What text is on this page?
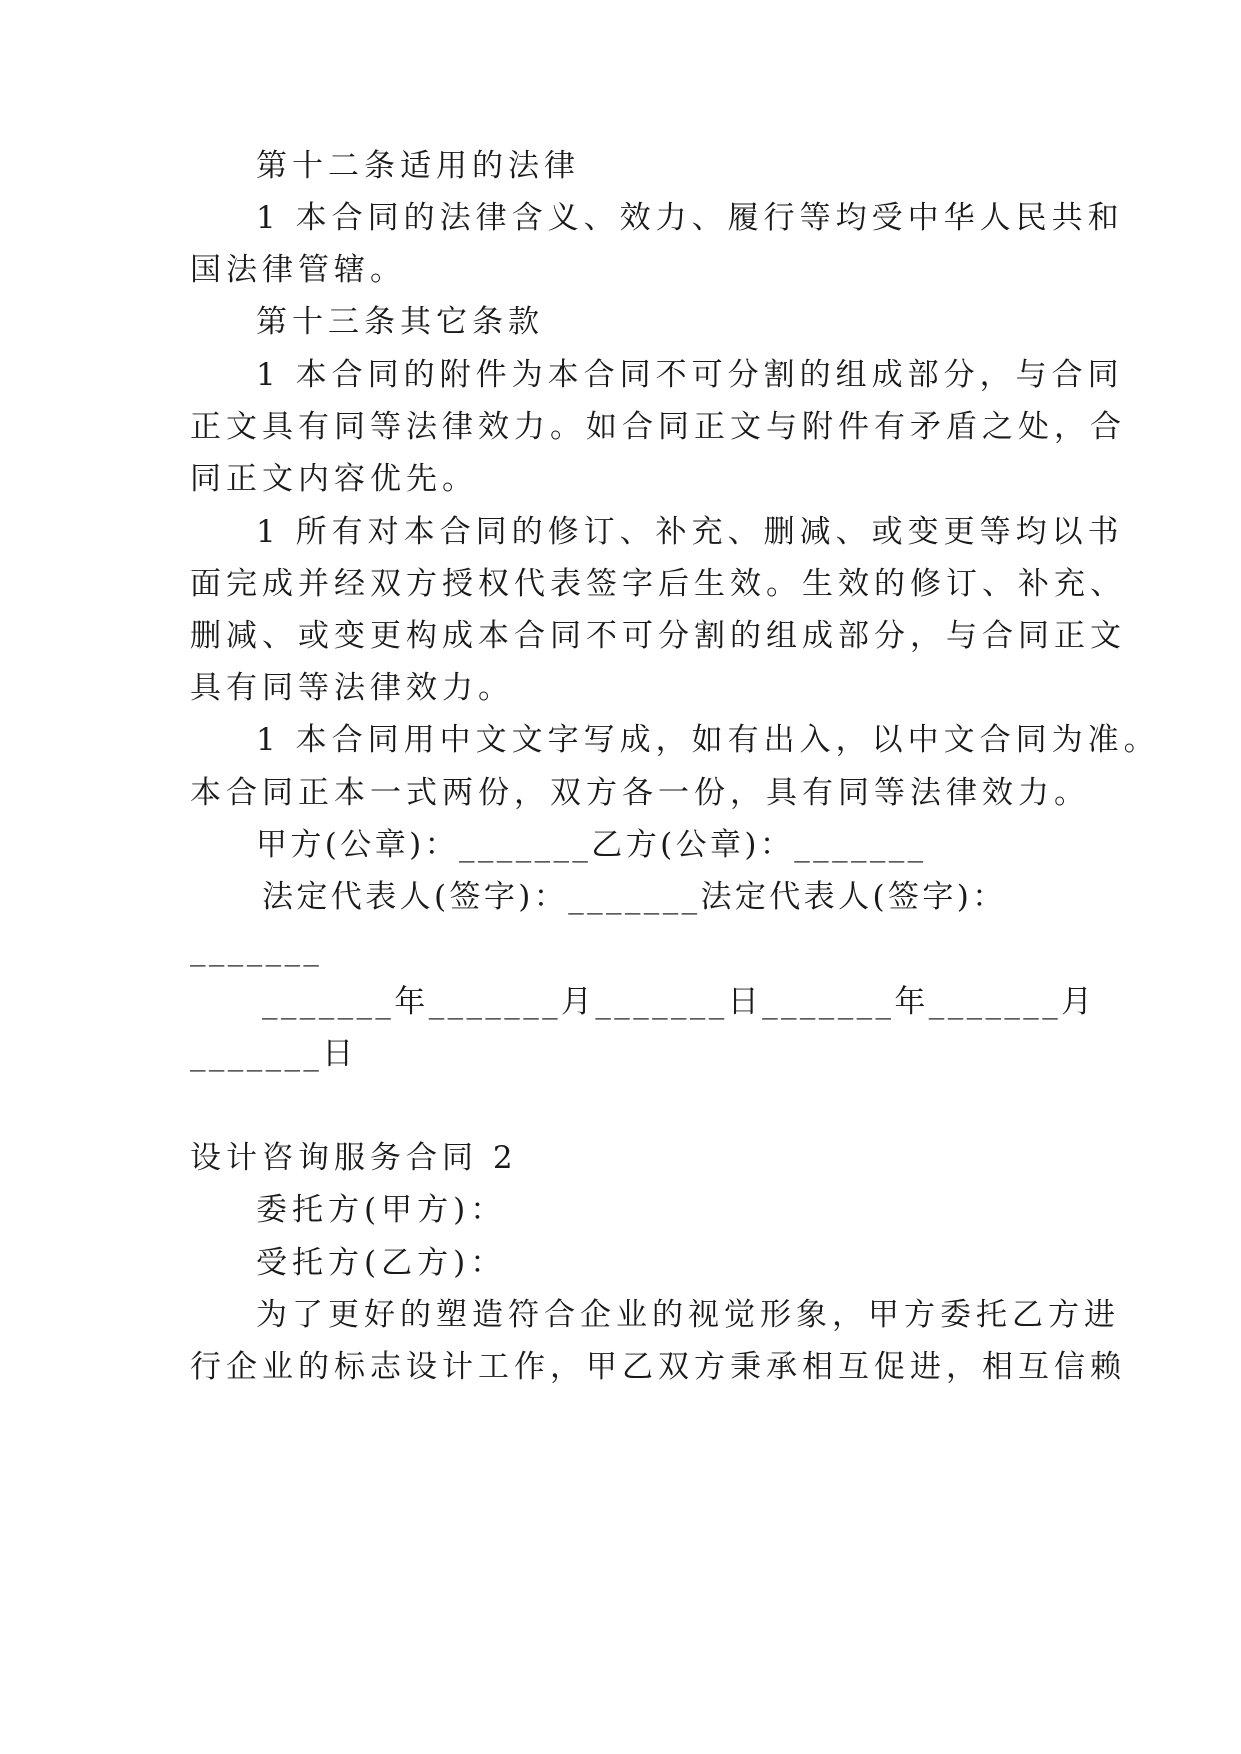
第十二条适用的法律
1 本合同的法律含义、效力、履行等均受中华人民共和
国法律管辖。
第十三条其它条款
1 本合同的附件为本合同不可分割的组成部分，与合同
正文具有同等法律效力。如合同正文与附件有矛盾之处，合
同正文内容优先。
1 所有对本合同的修订、补充、删减、或变更等均以书
面完成并经双方授权代表签字后生效。生效的修订、补充、
删减、或变更构成本合同不可分割的组成部分，与合同正文
具有同等法律效力。
1 本合同用中文文字写成，如有出入，以中文合同为准。
本合同正本一式两份，双方各一份，具有同等法律效力。
甲方(公章)：_______乙方(公章)：_______
法定代表人(签字)：_______法定代表人(签字)：
_______
_______年_______月_______日_______年_______月
_______日
设计咨询服务合同 2
委托方(甲方)：
受托方(乙方)：
为了更好的塑造符合企业的视觉形象，甲方委托乙方进
行企业的标志设计工作，甲乙双方秉承相互促进，相互信赖
